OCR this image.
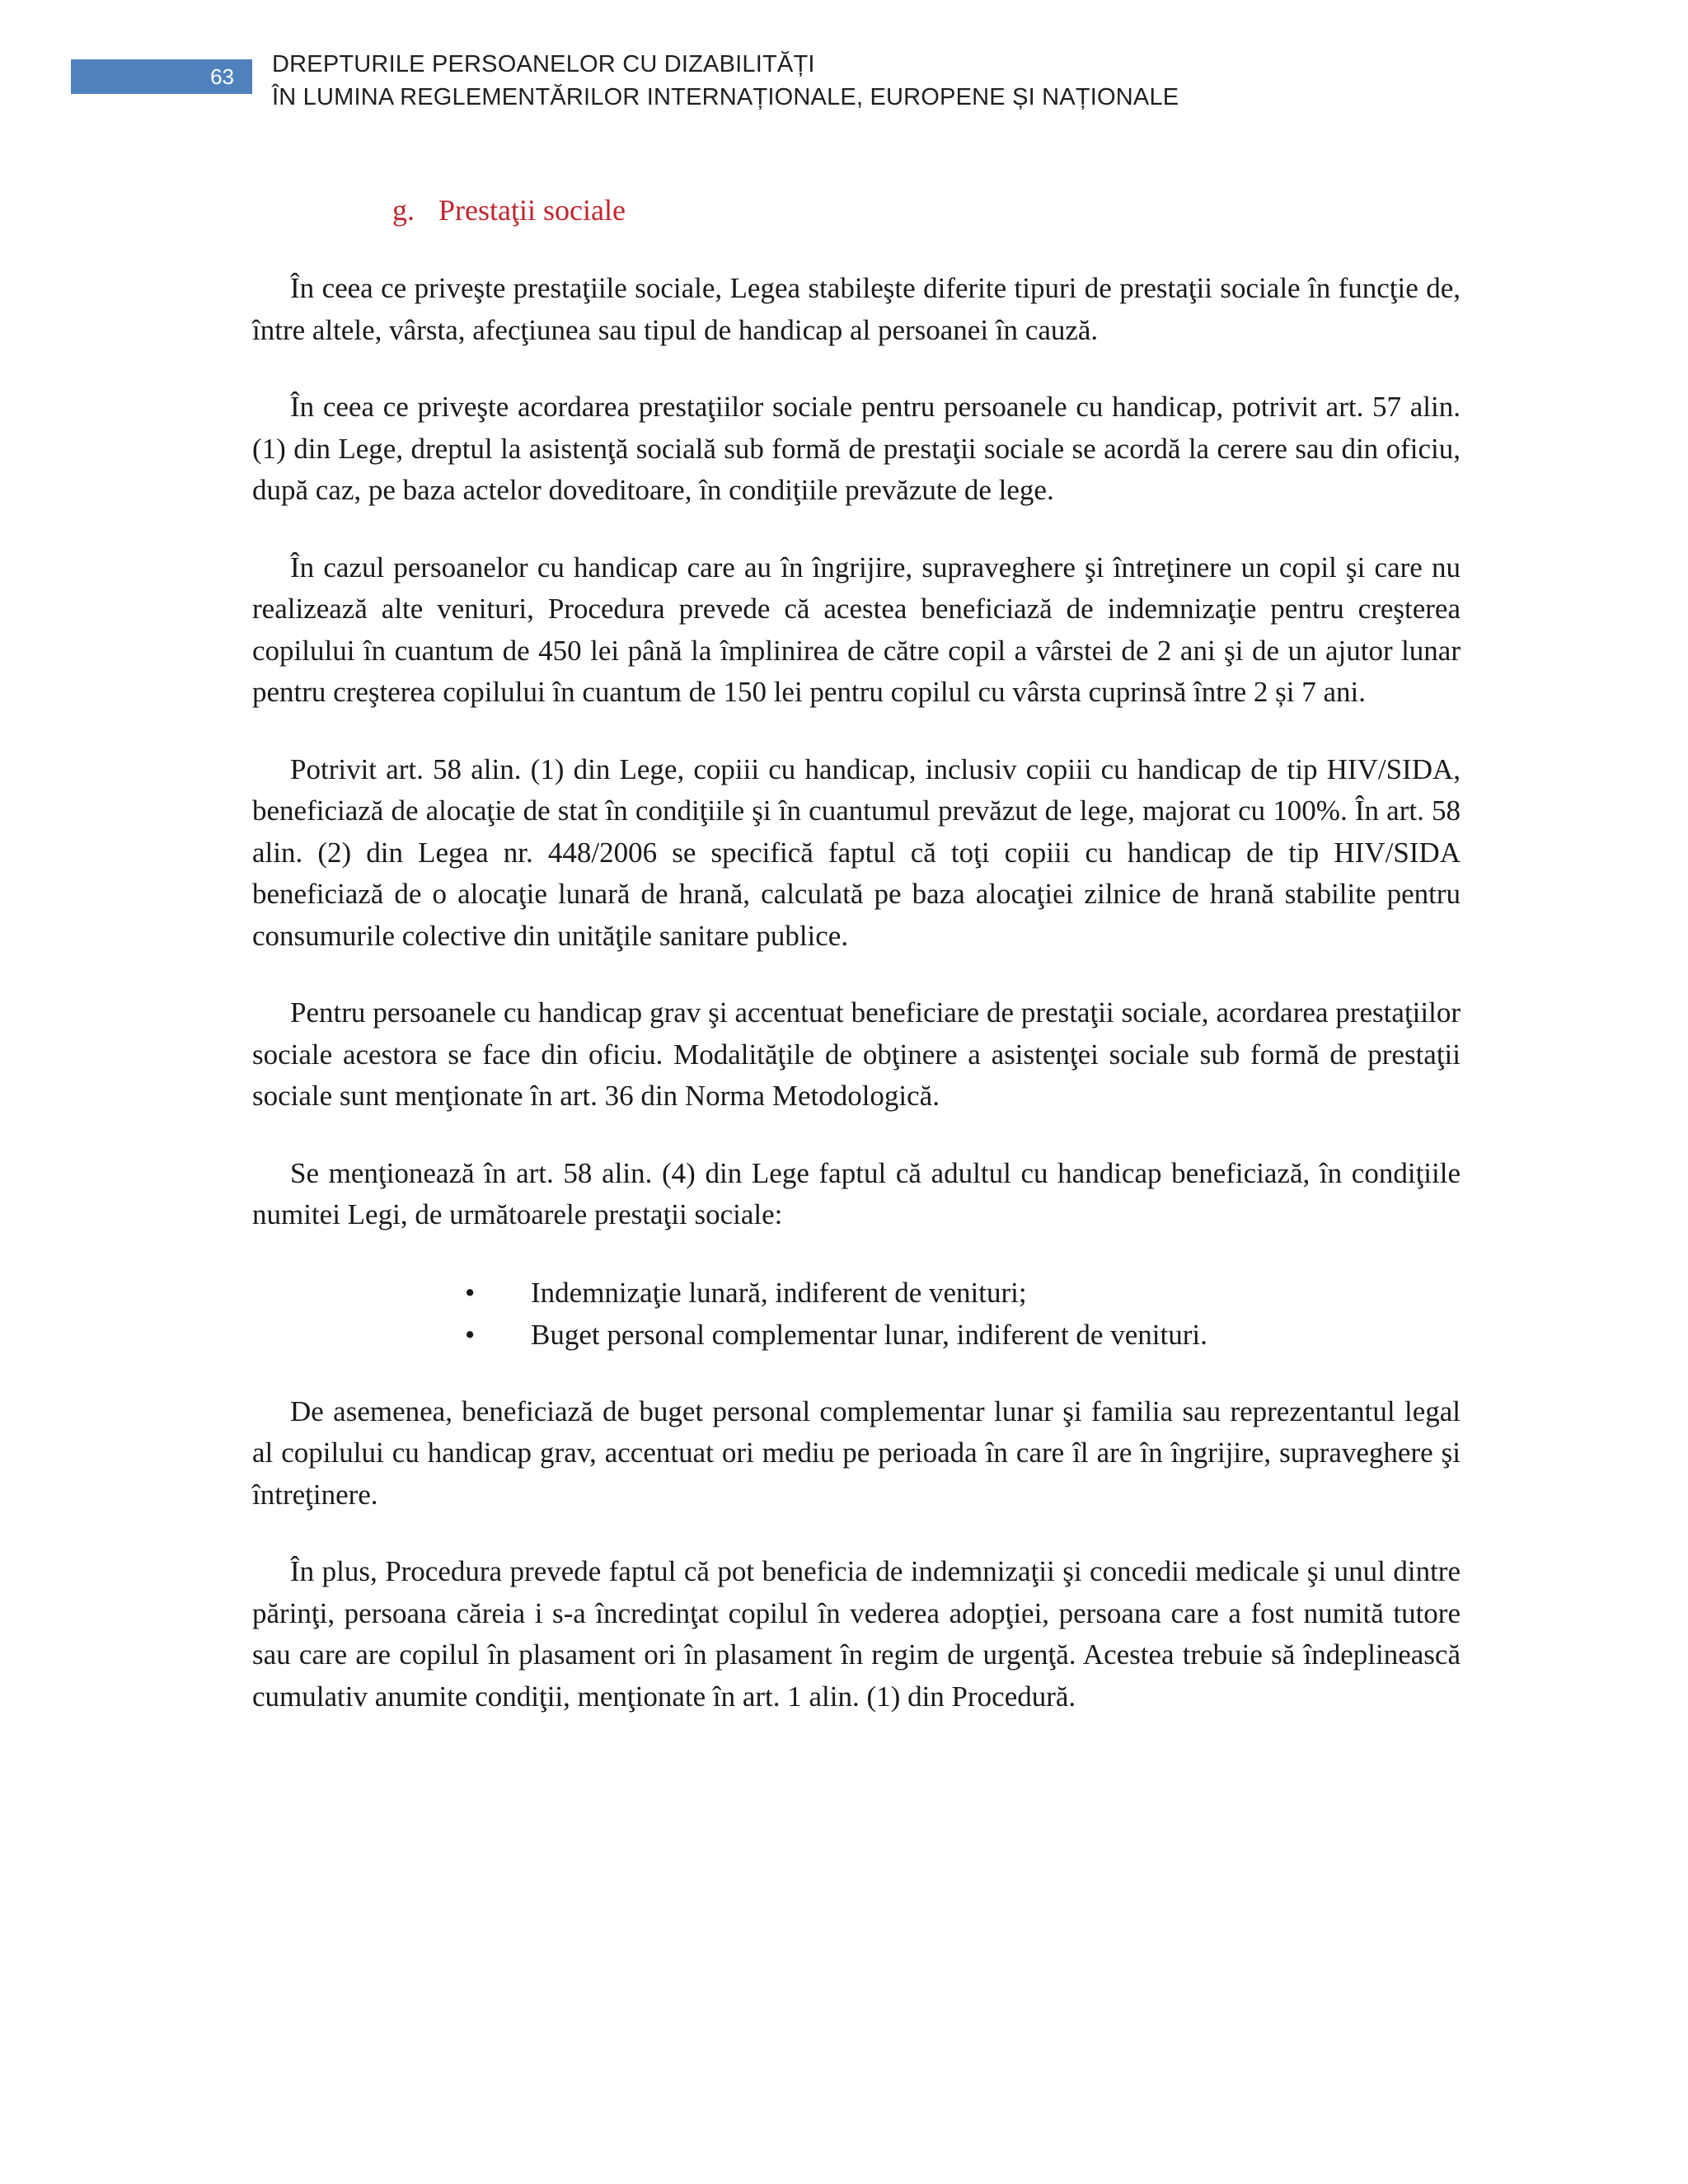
63	DREPTURILE PERSOANELOR CU DIZABILITĂȚI
ÎN LUMINA REGLEMENTĂRILOR INTERNAȚIONALE, EUROPENE ȘI NAȚIONALE
g. Prestaţii sociale

În ceea ce priveşte prestaţiile sociale, Legea stabileşte diferite tipuri de prestaţii sociale în funcţie de, între altele, vârsta, afecţiunea sau tipul de handicap al persoanei în cauză.

În ceea ce priveşte acordarea prestaţiilor sociale pentru persoanele cu handicap, potrivit art. 57 alin. (1) din Lege, dreptul la asistenţă socială sub formă de prestaţii sociale se acordă la cerere sau din oficiu, după caz, pe baza actelor doveditoare, în condiţiile prevăzute de lege.

În cazul persoanelor cu handicap care au în îngrijire, supraveghere şi întreţinere un copil şi care nu realizează alte venituri, Procedura prevede că acestea beneficiază de indemnizaţie pentru creşterea copilului în cuantum de 450 lei până la împlinirea de către copil a vârstei de 2 ani şi de un ajutor lunar pentru creşterea copilului în cuantum de 150 lei pentru copilul cu vârsta cuprinsă între 2 și 7 ani.

Potrivit art. 58 alin. (1) din Lege, copiii cu handicap, inclusiv copiii cu handicap de tip HIV/SIDA, beneficiază de alocaţie de stat în condiţiile şi în cuantumul prevăzut de lege, majorat cu 100%. În art. 58 alin. (2) din Legea nr. 448/2006 se specifică faptul că toţi copiii cu handicap de tip HIV/SIDA beneficiază de o alocaţie lunară de hrană, calculată pe baza alocaţiei zilnice de hrană stabilite pentru consumurile colective din unităţile sanitare publice.

Pentru persoanele cu handicap grav şi accentuat beneficiare de prestaţii sociale, acordarea prestaţiilor sociale acestora se face din oficiu. Modalităţile de obţinere a asistenţei sociale sub formă de prestaţii sociale sunt menţionate în art. 36 din Norma Metodologică.

Se menţionează în art. 58 alin. (4) din Lege faptul că adultul cu handicap beneficiază, în condiţiile numitei Legi, de următoarele prestaţii sociale:

• Indemnizaţie lunară, indiferent de venituri;
• Buget personal complementar lunar, indiferent de venituri.

De asemenea, beneficiază de buget personal complementar lunar şi familia sau reprezentantul legal al copilului cu handicap grav, accentuat ori mediu pe perioada în care îl are în îngrijire, supraveghere şi întreţinere.

În plus, Procedura prevede faptul că pot beneficia de indemnizaţii şi concedii medicale şi unul dintre părinţi, persoana căreia i s-a încredinţat copilul în vederea adopţiei, persoana care a fost numită tutore sau care are copilul în plasament ori în plasament în regim de urgenţă. Acestea trebuie să îndeplinească cumulativ anumite condiţii, menţionate în art. 1 alin. (1) din Procedură.
